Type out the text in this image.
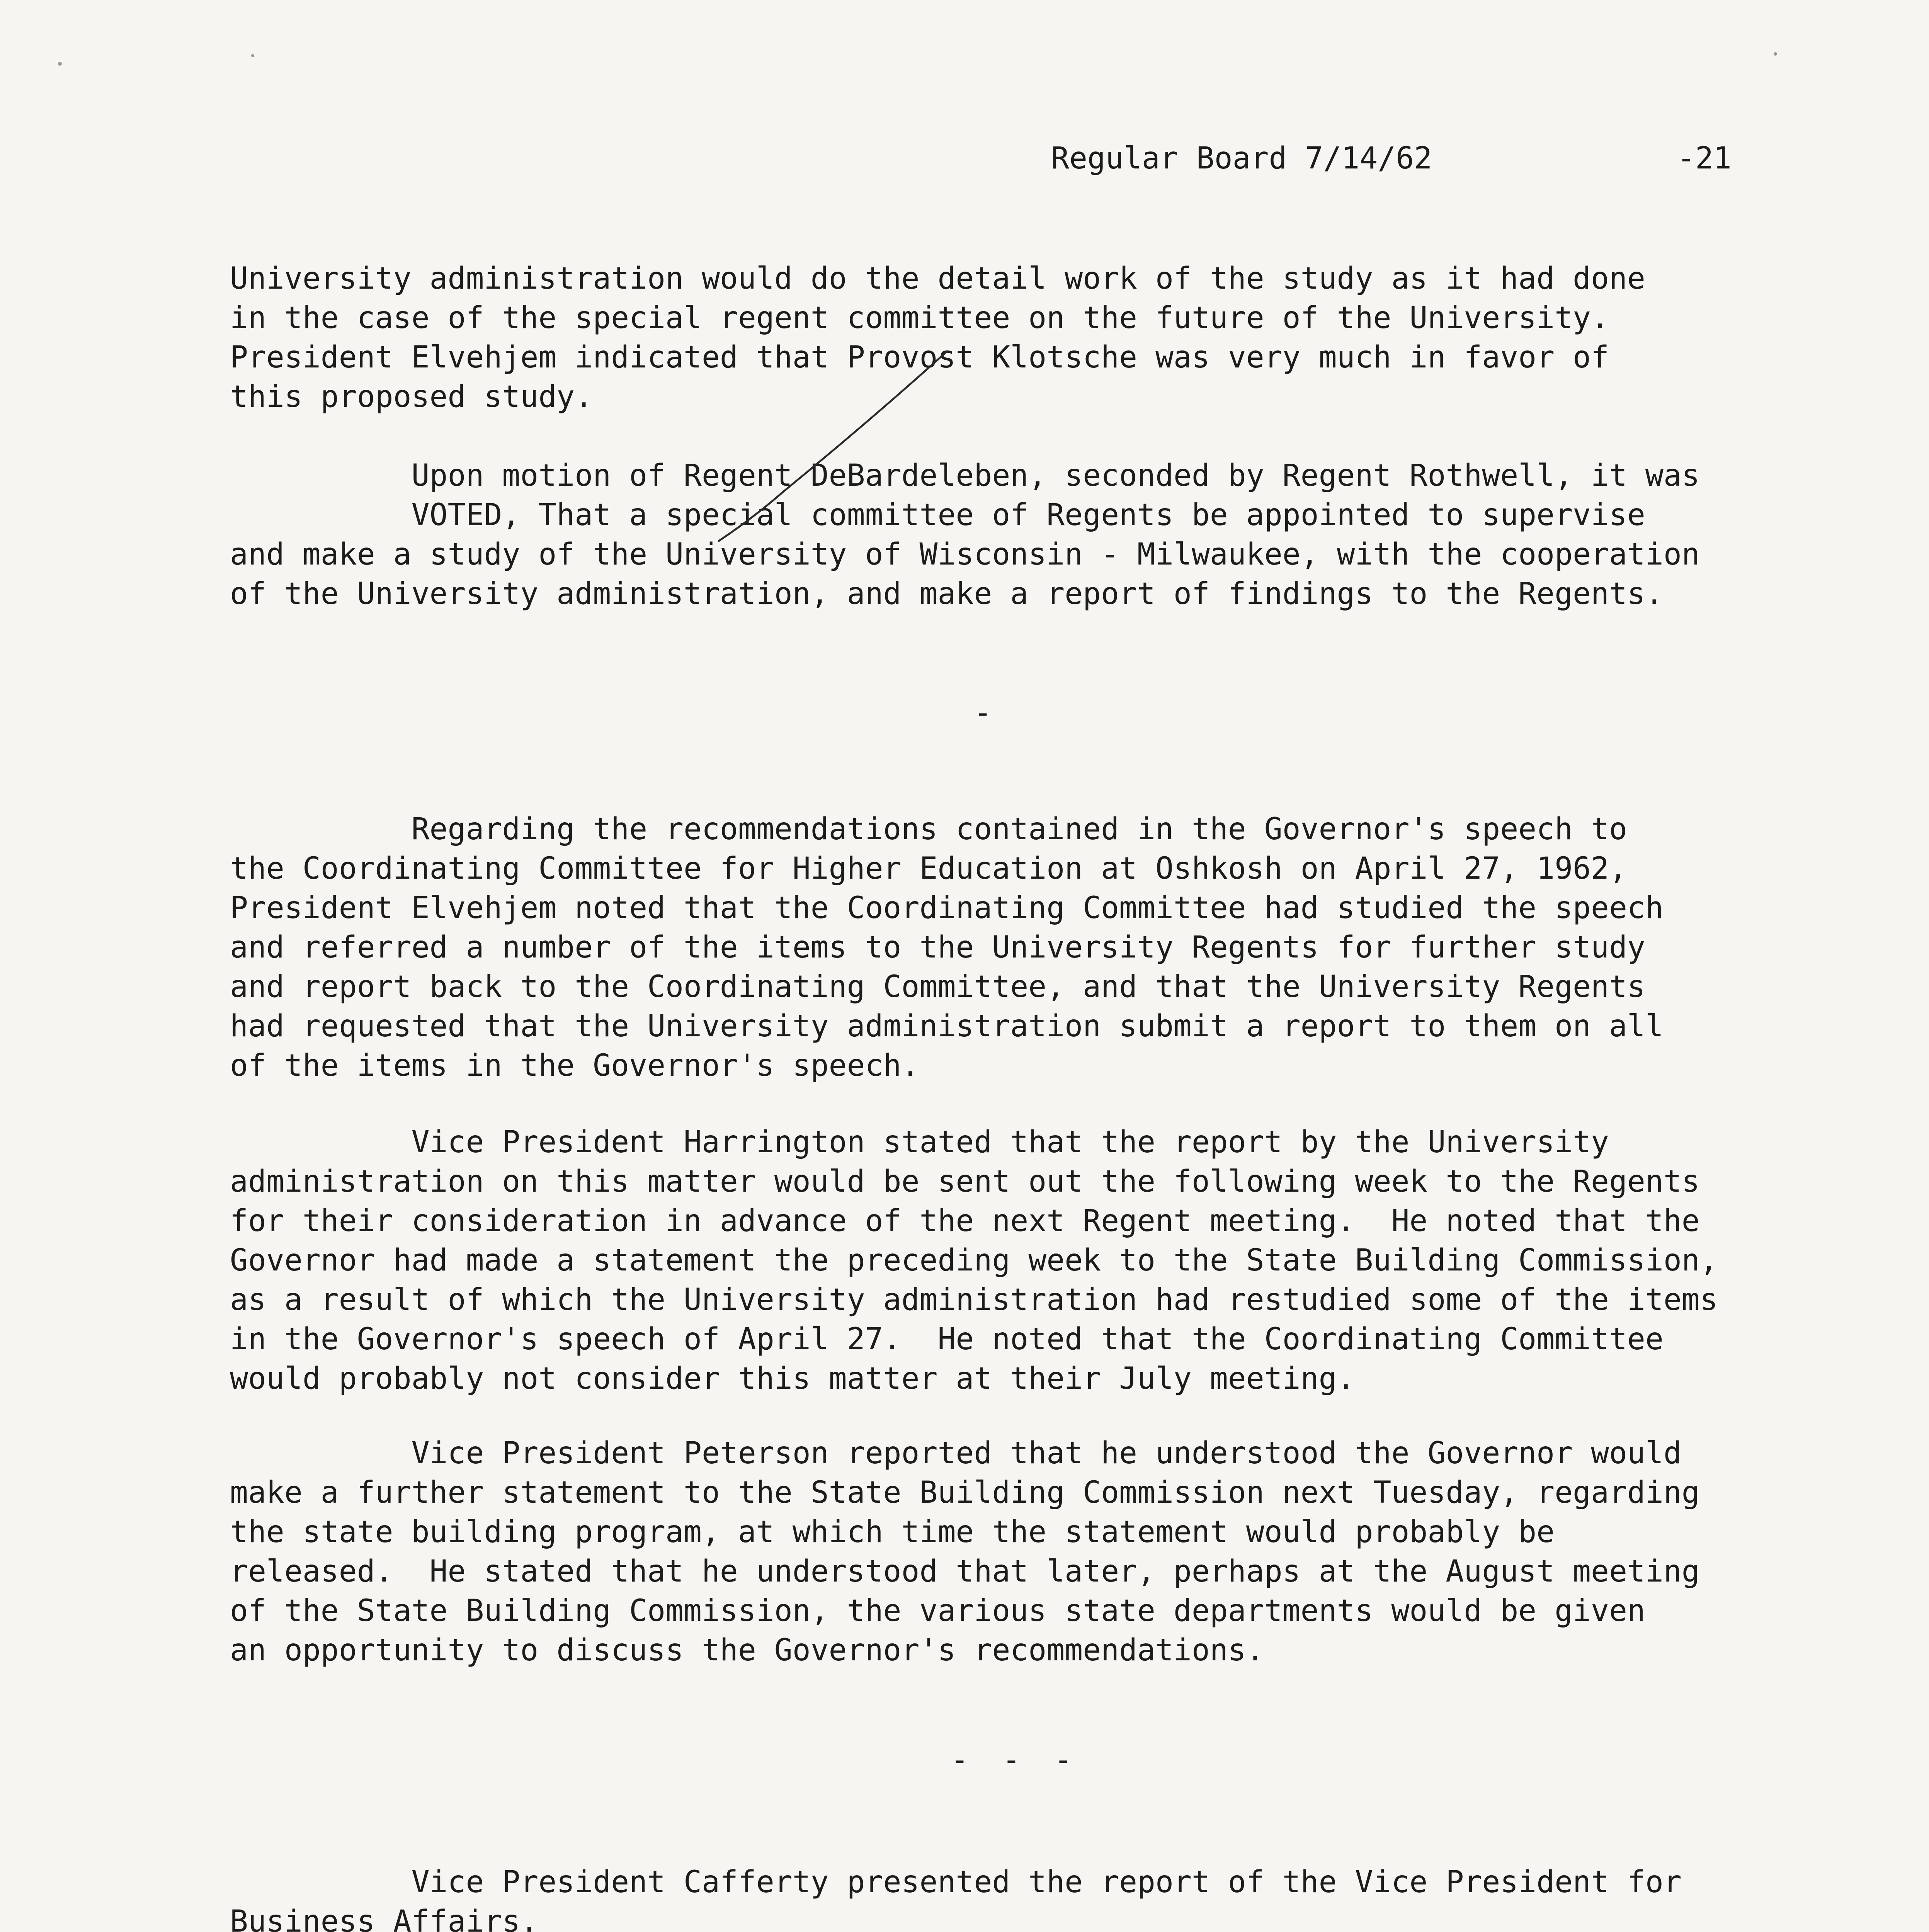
Regular Board 7/14/62	-21
University administration would do the detail work of the study as it had done
in the case of the special regent committee on the future of the University.
President Elvehjem indicated that Provost Klotsche was very much in favor of
this proposed study.
Upon motion of Regent DeBardeleben, seconded by Regent Rothwell, it was
VOTED, That a special committee of Regents be appointed to supervise
and make a study of the University of Wisconsin - Milwaukee, with the cooperation
of the University administration, and make a report of findings to the Regents.
-
Regarding the recommendations contained in the Governor's speech to
the Coordinating Committee for Higher Education at Oshkosh on April 27, 1962,
President Elvehjem noted that the Coordinating Committee had studied the speech
and referred a number of the items to the University Regents for further study
and report back to the Coordinating Committee, and that the University Regents
had requested that the University administration submit a report to them on all
of the items in the Governor's speech.
Vice President Harrington stated that the report by the University
administration on this matter would be sent out the following week to the Regents
for their consideration in advance of the next Regent meeting.  He noted that the
Governor had made a statement the preceding week to the State Building Commission,
as a result of which the University administration had restudied some of the items
in the Governor's speech of April 27.  He noted that the Coordinating Committee
would probably not consider this matter at their July meeting.
Vice President Peterson reported that he understood the Governor would
make a further statement to the State Building Commission next Tuesday, regarding
the state building program, at which time the statement would probably be
released.  He stated that he understood that later, perhaps at the August meeting
of the State Building Commission, the various state departments would be given
an opportunity to discuss the Governor's recommendations.
- - -
Vice President Cafferty presented the report of the Vice President for
Business Affairs.
